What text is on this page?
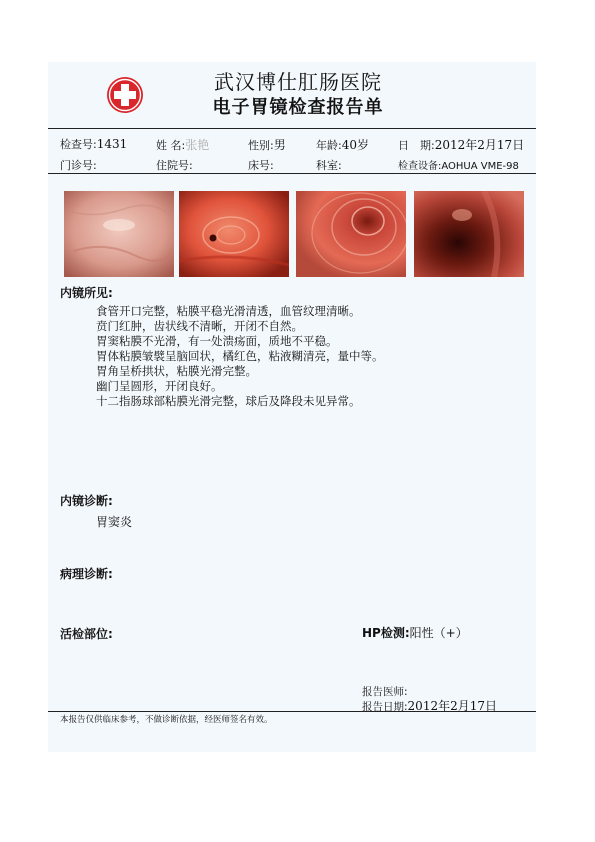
武汉博仕肛肠医院
电子胃镜检查报告单
检查号:1431	姓 名:张艳	性别:男	年龄:40岁	日　期:2012年2月17日
门诊号:	住院号:	床号:	科室:	检查设备:AOHUA VME-98
内镜所见:
食管开口完整，粘膜平稳光滑清透，血管纹理清晰。
贲门红肿，齿状线不清晰，开闭不自然。
胃窦粘膜不光滑，有一处溃疡面，质地不平稳。
胃体粘膜皱襞呈脑回状，橘红色，粘液糊清亮，量中等。
胃角呈桥拱状，粘膜光滑完整。
幽门呈圆形，开闭良好。
十二指肠球部粘膜光滑完整，球后及降段未见异常。
内镜诊断:
胃窦炎
病理诊断:
活检部位:	HP检测:阳性（+）
报告医师:
报告日期:2012年2月17日
本报告仅供临床参考，不做诊断依据，经医师签名有效。
